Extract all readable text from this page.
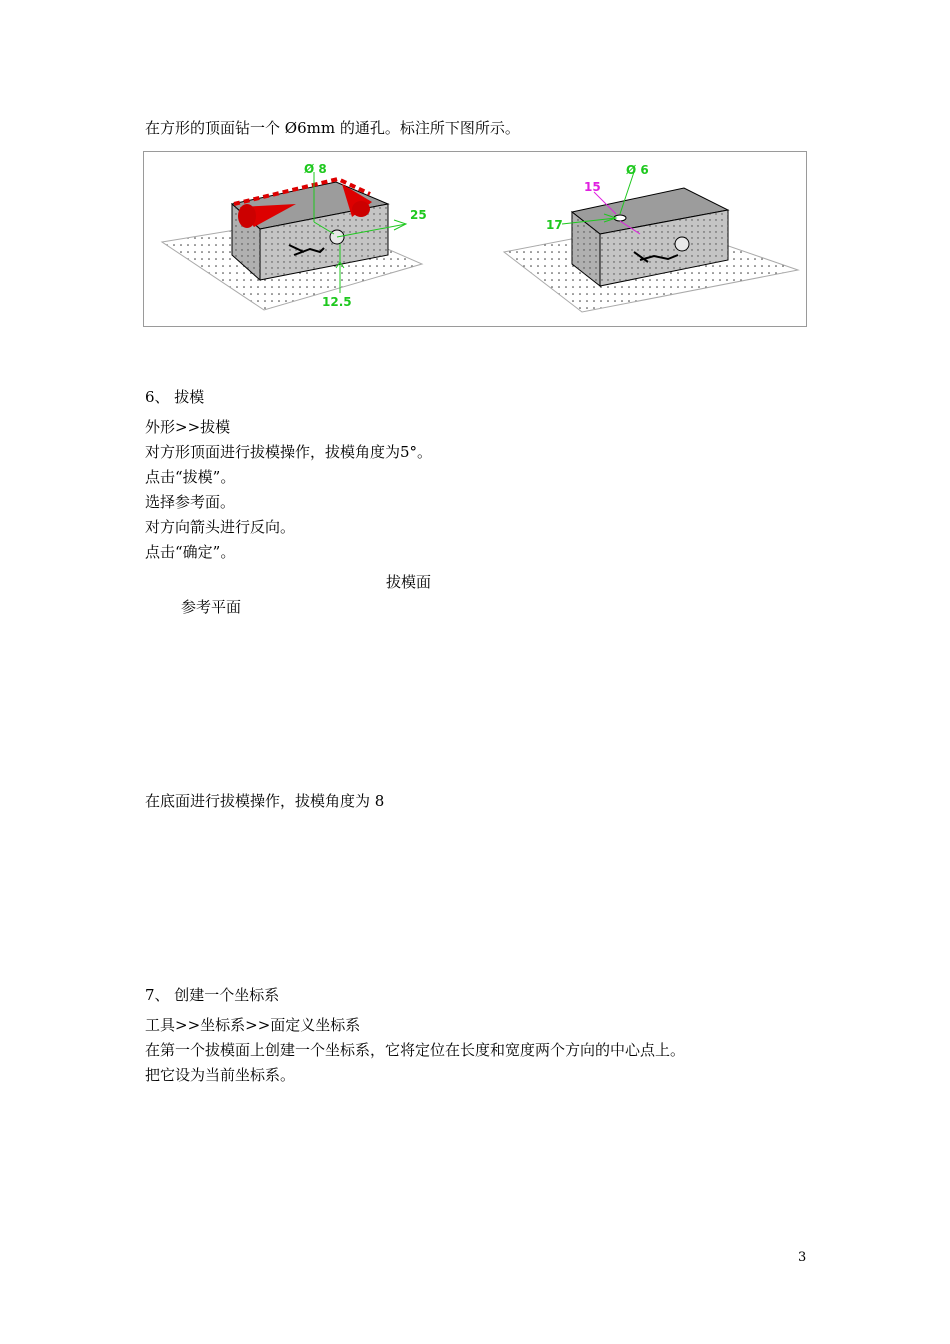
在方形的顶面钻一个 Ø6mm 的通孔。标注所下图所示。
Ø 8
25
12.5
Ø 6
15
17
6、 拔模
外形>>拔模
对方形顶面进行拔模操作，拔模角度为5°。
点击“拔模”。
选择参考面。
对方向箭头进行反向。
点击“确定”。
拔模面
参考平面
在底面进行拔模操作，拔模角度为 8
7、 创建一个坐标系
工具>>坐标系>>面定义坐标系
在第一个拔模面上创建一个坐标系，它将定位在长度和宽度两个方向的中心点上。
把它设为当前坐标系。
3
